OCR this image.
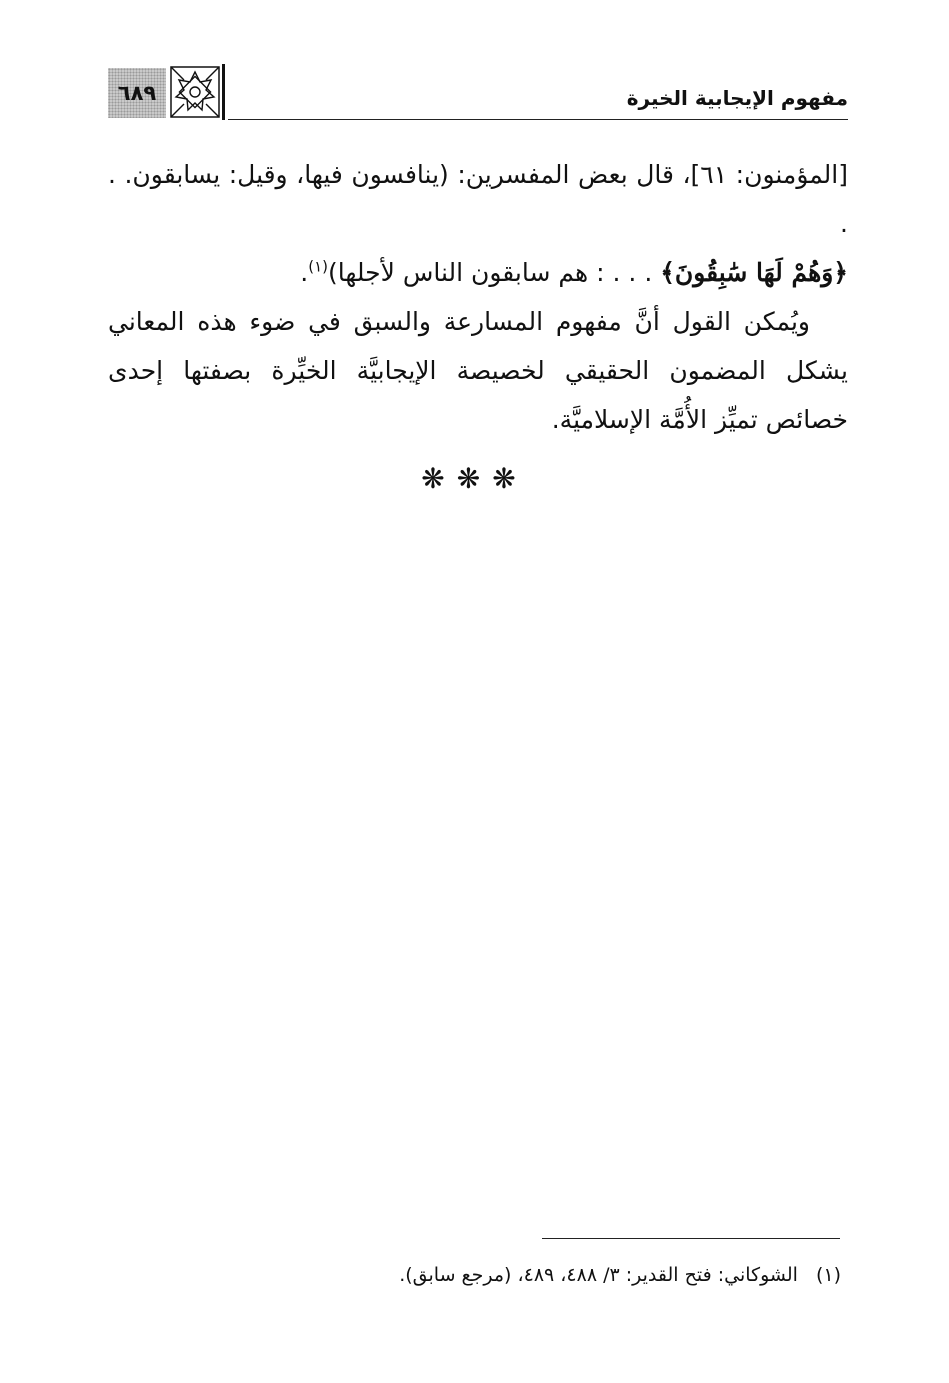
٦٨٩	مفهوم الإيجابية الخيرة

[المؤمنون: ٦١]، قال بعض المفسرين: (ينافسون فيها، وقيل: يسابقون. . .

﴿وَهُمْ لَهَا سَٰبِقُونَ﴾ . . . : هم سابقون الناس لأجلها)$^{(١)}$.

ويُمكن القول أنَّ مفهوم المسارعة والسبق في ضوء هذه المعاني يشكل المضمون الحقيقي لخصيصة الإيجابيَّة الخيِّرة بصفتها إحدى خصائص تميِّز الأُمَّة الإسلاميَّة.

❋❋❋
(١)الشوكاني: فتح القدير: ٣/ ٤٨٨، ٤٨٩، (مرجع سابق).
